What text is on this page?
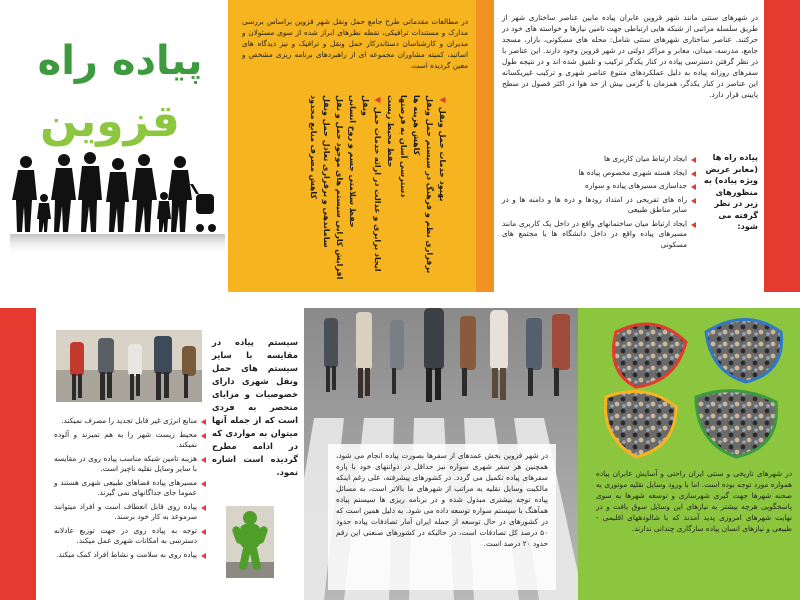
پیاده راه
قزوین
در مطالعات مقدماتی طرح جامع حمل ونقل شهر قزوین براساس بررسی مدارک و مستندات ترافیکی، نقطه نظرهای ابراز شده از سوی مسئولان و مدیران و کارشناسان دستاندرکار حمل ونقل و ترافیک و نیز دیدگاه های اساتید، کمیته مشاوران مجموعه ای از راهبردهای برنامه ریزی مشخص و معین گردیده است.
◀ بهبود خدمات حمل ونقل
برقراری نظم و فرهنگ در سیستم حمل ونقل
کاهش هزینه ها
دسترسی آسان به فرصتها
حفظ محیط زیست
◀ ایجاد برابری و عدالت در ارائه خدمات حمل ونقل
حفظ سلامتی جسم و روح انسانی
افزایش کارایی سیستم های موجود حمل و نقل
ساماندهی و برقراری تعادل حمل ونقل
کاهش مصرف منابع محدود
در شهرهای سنتی مانند شهر قزوین عابران پیاده مابین عناصر ساختاری شهر از طریق سلسله مراتبی از شبکه هایی ارتباطی جهت تامین نیازها و خواسته های خود در حرکتند. عناصر ساختاری شهرهای سنتی شامل: محله های مسکونی، بازار، مسجد جامع، مدرسه، میدان، معابر و مراکز دولتی در شهر قزوین وجود دارند. این عناصر با در نظر گرفتن دسترسی پیاده در کنار یکدگر ترکیب و تلفیق شده اند و در نتیجه طول سفرهای روزانه پیاده به دلیل عملکردهای متنوع عناصر شهری و ترکیب غیریکسانه این عناصر در کنار یکدگر، همزمان با گرمی بیش از حد هوا در اکثر فصول در سطح پایینی قرار دارد.
پیاده راه ها (معابر عریض ویژه پیاده) به منظورهای زیر در نظر گرفته می شود:
ایجاد ارتباط میان کاربری ها
ایجاد هسته شهری مخصوص پیاده ها
جداسازی مسیرهای پیاده و سواره
راه های تفریحی در امتداد رودها و دره ها و دامنه ها و در سایر مناطق طبیعی
ایجاد ارتباط میان ساختمانهای واقع در داخل یک کاربری مانند مسیرهای پیاده واقع در داخل دانشگاه ها یا مجتمع های مسکونی
سیستم پیاده در مقایسه با سایر سیستم های حمل ونقل شهری دارای خصوصیات و مزایای منحصر به فردی است که از جمله آنها میتوان به مواردی که در ادامه مطرح گردیده است اشاره نمود.
منابع انرژی غیر قابل تجدید را مصرف نمیکند.
محیط زیست شهر را به هم نمیزند و آلوده نمیکند.
هزینه تامین شبکه مناسب پیاده روی در مقایسه با سایر وسایل نقلیه ناچیز است.
مسیرهای پیاده فضاهای طبیعی شهری هستند و عموما جای جداگانهای نمی گیرند.
پیاده روی قابل انعطاف است و افراد میتوانند سرموعد به کار خود برسند.
توجه به پیاده روی در جهت توزیع عادلانه دسترسی به امکانات شهری عمل میکند.
پیاده روی به سلامت و نشاط افراد کمک میکند.
در شهر قزوین بخش عمدهای از سفرها بصورت پیاده انجام می شود، همچنین هر سفر شهری سواره نیز حداقل در دوانتهای خود با پاره سفرهای پیاده تکمیل می گردد. در کشورهای پیشرفته، علی رغم اینکه مالکیت وسایل نقلیه به مراتب از شهرهای ما بالاتر است، به مسائل پیاده توجه بیشتری مبذول شده و در برنامه ریزی ها سیستم پیاده همآهنگ با سیستم سواره توسعه داده می شود. به دلیل همین است که در کشورهای در حال توسعه از جمله ایران آمار تصادفات پیاده حدود ۵۰ درصد کل تصادفات است، در حالیکه در کشورهای صنعتی این رقم حدود ۲۰ درصد است.
در شهرهای تاریخی و سنتی ایران راحتی و آسایش عابران پیاده همواره مورد توجه بوده است. اما با ورود وسایل نقلیه موتوری به صحنه شهرها جهت گیری شهرسازی و توسعه شهرها به سوی پاسخگویی هرچه بیشتر به نیازهای این وسایل سوق یافت و در نهایت شهرهای امروزی پدید آمدند که با شالودههای اقلیمی - طبیعی و نیازهای انسان پیاده سازگاری چندانی ندارند.
